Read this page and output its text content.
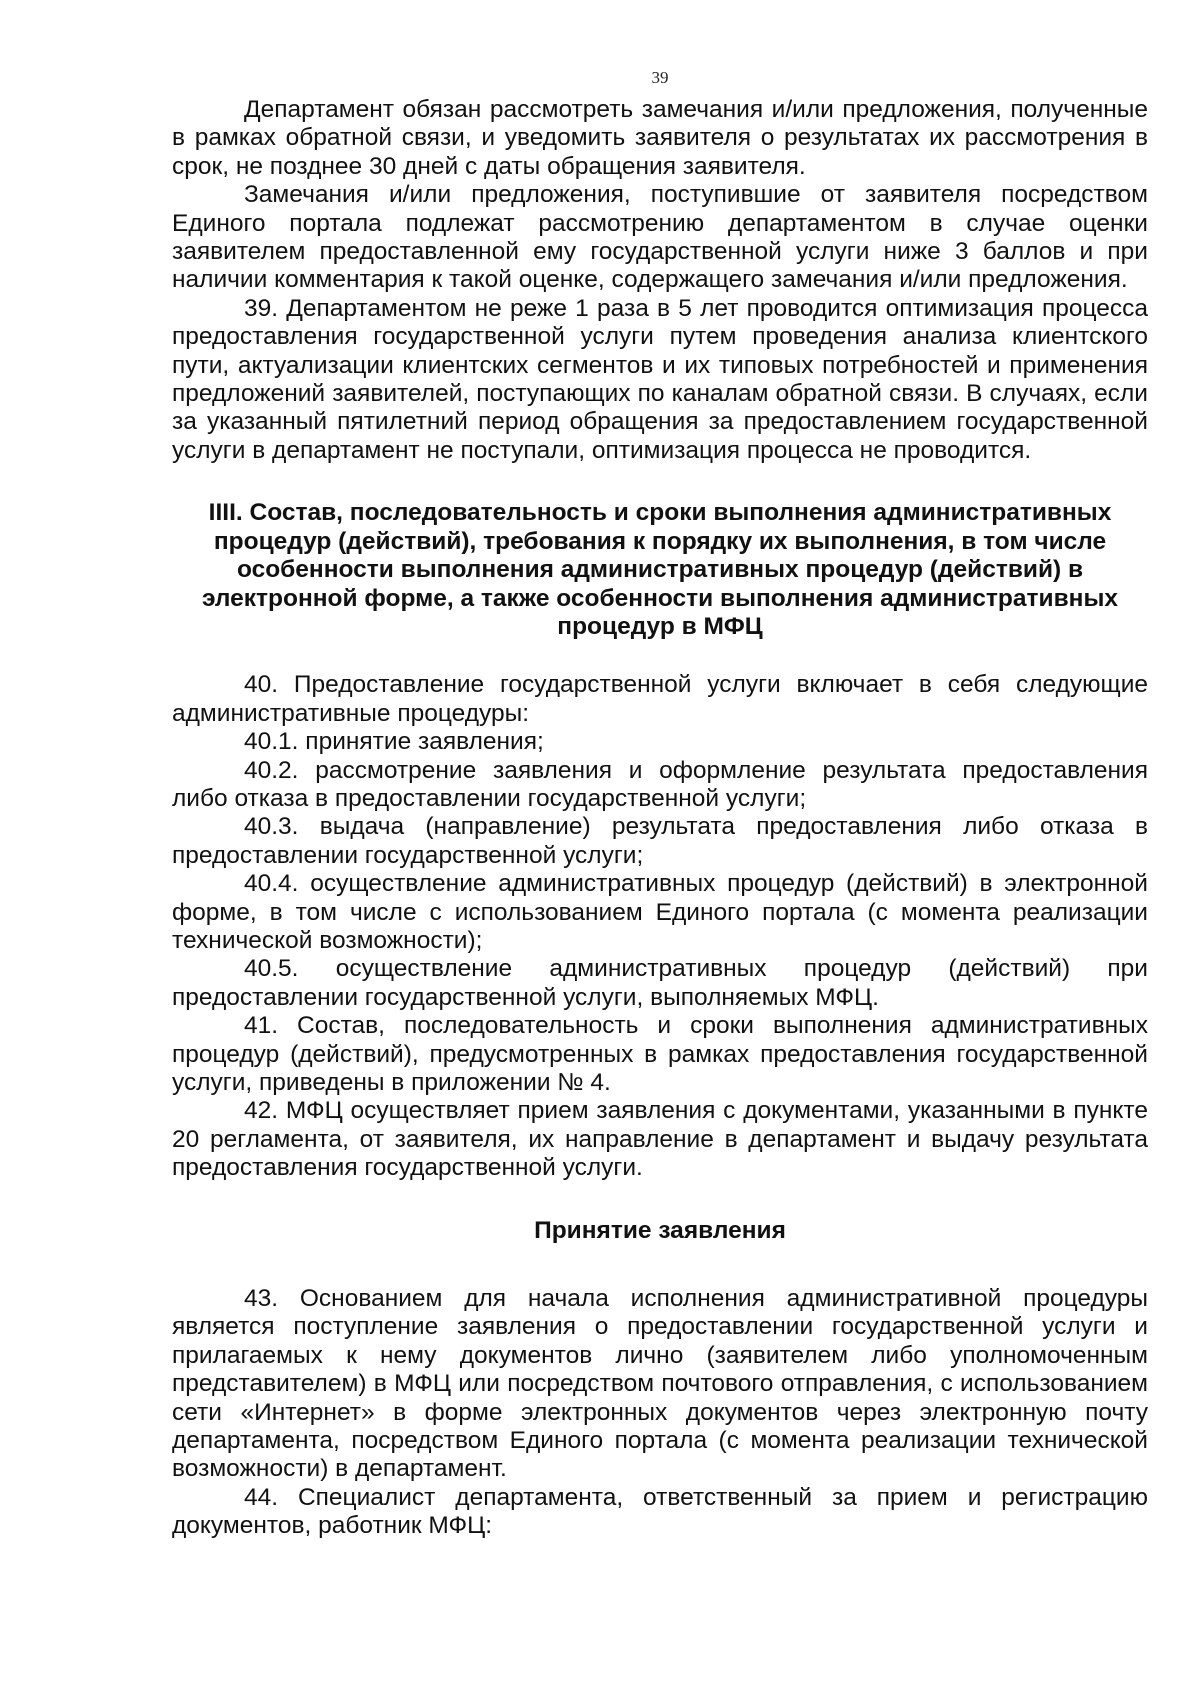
39

Департамент обязан рассмотреть замечания и/или предложения, полученные в рамках обратной связи, и уведомить заявителя о результатах их рассмотрения в срок, не позднее 30 дней с даты обращения заявителя.

Замечания и/или предложения, поступившие от заявителя посредством Единого портала подлежат рассмотрению департаментом в случае оценки заявителем предоставленной ему государственной услуги ниже 3 баллов и при наличии комментария к такой оценке, содержащего замечания и/или предложения.

39. Департаментом не реже 1 раза в 5 лет проводится оптимизация процесса предоставления государственной услуги путем проведения анализа клиентского пути, актуализации клиентских сегментов и их типовых потребностей и применения предложений заявителей, поступающих по каналам обратной связи. В случаях, если за указанный пятилетний период обращения за предоставлением государственной услуги в департамент не поступали, оптимизация процесса не проводится.

IIII. Состав, последовательность и сроки выполнения административных процедур (действий), требования к порядку их выполнения, в том числе особенности выполнения административных процедур (действий) в электронной форме, а также особенности выполнения административных процедур в МФЦ

40. Предоставление государственной услуги включает в себя следующие административные процедуры:

40.1. принятие заявления;

40.2. рассмотрение заявления и оформление результата предоставления либо отказа в предоставлении государственной услуги;

40.3. выдача (направление) результата предоставления либо отказа в предоставлении государственной услуги;

40.4. осуществление административных процедур (действий) в электронной форме, в том числе с использованием Единого портала (с момента реализации технической возможности);

40.5. осуществление административных процедур (действий) при предоставлении государственной услуги, выполняемых МФЦ.

41. Состав, последовательность и сроки выполнения административных процедур (действий), предусмотренных в рамках предоставления государственной услуги, приведены в приложении № 4.

42. МФЦ осуществляет прием заявления с документами, указанными в пункте 20 регламента, от заявителя, их направление в департамент и выдачу результата предоставления государственной услуги.

Принятие заявления

43. Основанием для начала исполнения административной процедуры является поступление заявления о предоставлении государственной услуги и прилагаемых к нему документов лично (заявителем либо уполномоченным представителем) в МФЦ или посредством почтового отправления, с использованием сети «Интернет» в форме электронных документов через электронную почту департамента, посредством Единого портала (с момента реализации технической возможности) в департамент.

44. Специалист департамента, ответственный за прием и регистрацию документов, работник МФЦ:
